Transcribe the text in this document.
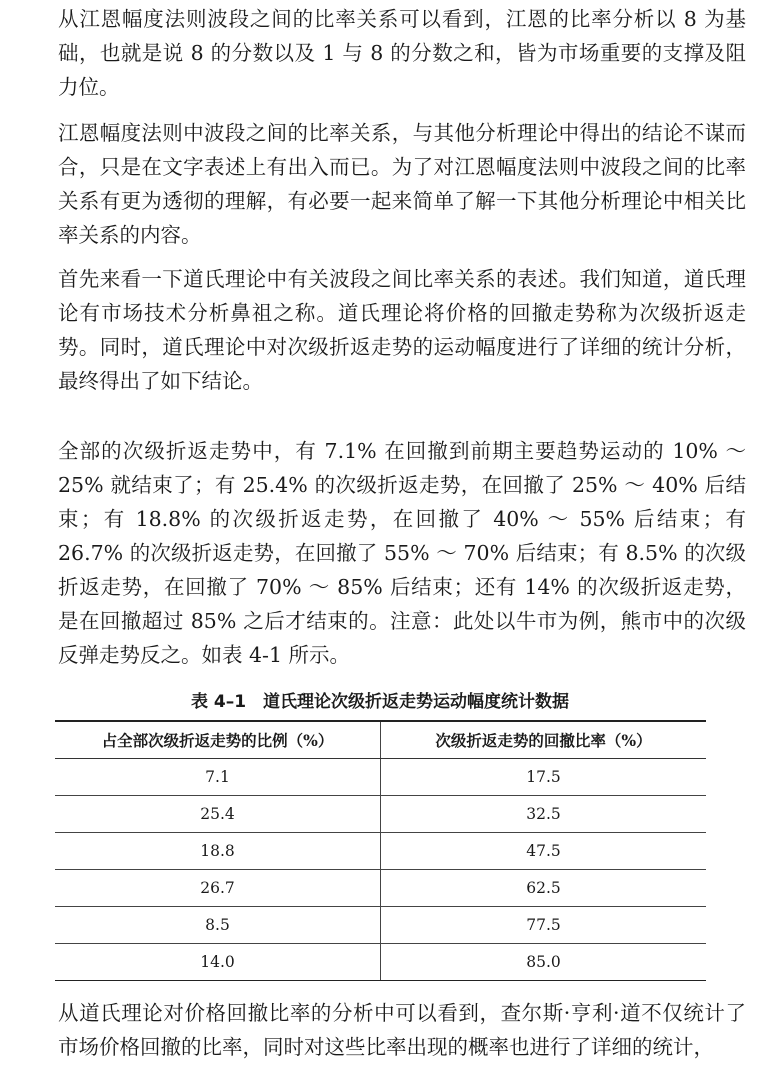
从江恩幅度法则波段之间的比率关系可以看到，江恩的比率分析以 8 为基础，也就是说 8 的分数以及 1 与 8 的分数之和，皆为市场重要的支撑及阻力位。

江恩幅度法则中波段之间的比率关系，与其他分析理论中得出的结论不谋而合，只是在文字表述上有出入而已。为了对江恩幅度法则中波段之间的比率关系有更为透彻的理解，有必要一起来简单了解一下其他分析理论中相关比率关系的内容。

首先来看一下道氏理论中有关波段之间比率关系的表述。我们知道，道氏理论有市场技术分析鼻祖之称。道氏理论将价格的回撤走势称为次级折返走势。同时，道氏理论中对次级折返走势的运动幅度进行了详细的统计分析，最终得出了如下结论。

全部的次级折返走势中，有 7.1% 在回撤到前期主要趋势运动的 10% ～ 25% 就结束了；有 25.4% 的次级折返走势，在回撤了 25% ～ 40% 后结束；有 18.8% 的次级折返走势，在回撤了 40% ～ 55% 后结束；有 26.7% 的次级折返走势，在回撤了 55% ～ 70% 后结束；有 8.5% 的次级折返走势，在回撤了 70% ～ 85% 后结束；还有 14% 的次级折返走势，是在回撤超过 85% 之后才结束的。注意：此处以牛市为例，熊市中的次级反弹走势反之。如表 4-1 所示。

表 4–1　道氏理论次级折返走势运动幅度统计数据
占全部次级折返走势的比例（%）	次级折返走势的回撤比率（%）
7.1	17.5
25.4	32.5
18.8	47.5
26.7	62.5
8.5	77.5
14.0	85.0

从道氏理论对价格回撤比率的分析中可以看到，查尔斯·亨利·道不仅统计了市场价格回撤的比率，同时对这些比率出现的概率也进行了详细的统计，
